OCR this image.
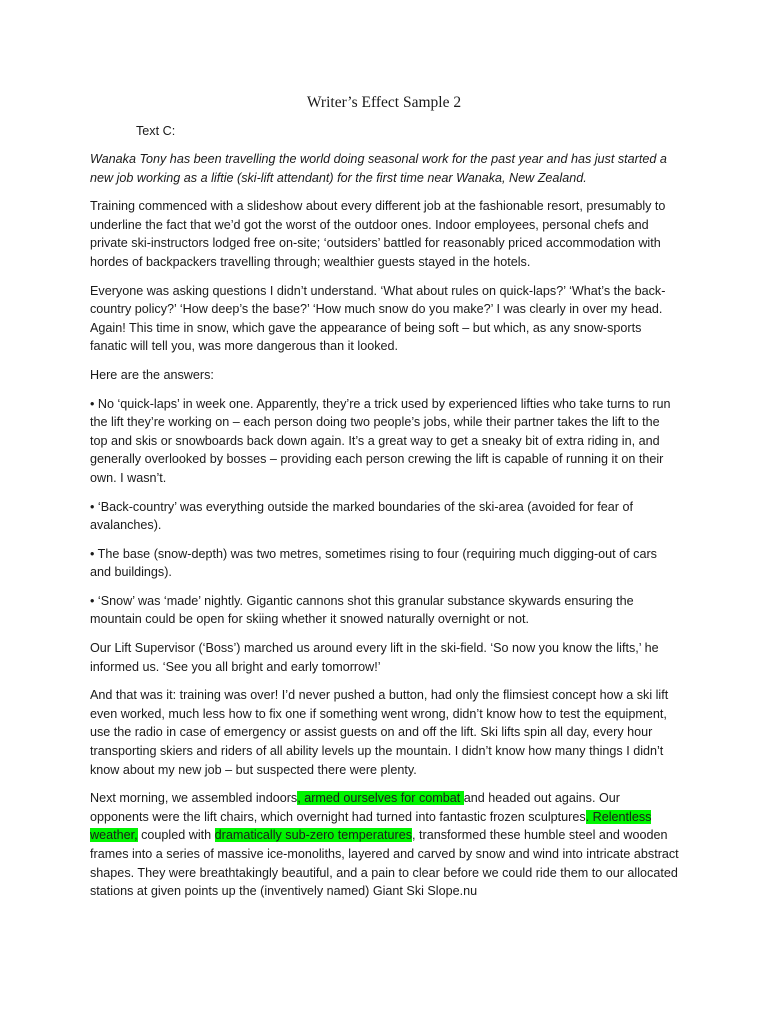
Writer’s Effect Sample 2
Text C:

Wanaka Tony has been travelling the world doing seasonal work for the past year and has just started a new job working as a liftie (ski-lift attendant) for the first time near Wanaka, New Zealand.

Training commenced with a slideshow about every different job at the fashionable resort, presumably to underline the fact that we’d got the worst of the outdoor ones. Indoor employees, personal chefs and private ski-instructors lodged free on-site; ‘outsiders’ battled for reasonably priced accommodation with hordes of backpackers travelling through; wealthier guests stayed in the hotels.

Everyone was asking questions I didn’t understand. ‘What about rules on quick-laps?’ ‘What’s the back-country policy?’ ‘How deep’s the base?’ ‘How much snow do you make?’ I was clearly in over my head. Again! This time in snow, which gave the appearance of being soft – but which, as any snow-sports fanatic will tell you, was more dangerous than it looked.

Here are the answers:

• No ‘quick-laps’ in week one. Apparently, they’re a trick used by experienced lifties who take turns to run the lift they’re working on – each person doing two people’s jobs, while their partner takes the lift to the top and skis or snowboards back down again. It’s a great way to get a sneaky bit of extra riding in, and generally overlooked by bosses – providing each person crewing the lift is capable of running it on their own. I wasn’t.

• ‘Back-country’ was everything outside the marked boundaries of the ski-area (avoided for fear of avalanches).

• The base (snow-depth) was two metres, sometimes rising to four (requiring much digging-out of cars and buildings).

• ‘Snow’ was ‘made’ nightly. Gigantic cannons shot this granular substance skywards ensuring the mountain could be open for skiing whether it snowed naturally overnight or not.

Our Lift Supervisor (‘Boss’) marched us around every lift in the ski-field. ‘So now you know the lifts,’ he informed us. ‘See you all bright and early tomorrow!’

And that was it: training was over! I’d never pushed a button, had only the flimsiest concept how a ski lift even worked, much less how to fix one if something went wrong, didn’t know how to test the equipment, use the radio in case of emergency or assist guests on and off the lift. Ski lifts spin all day, every hour transporting skiers and riders of all ability levels up the mountain. I didn’t know how many things I didn’t know about my new job – but suspected there were plenty.

Next morning, we assembled indoors, armed ourselves for combat and headed out agains. Our opponents were the lift chairs, which overnight had turned into fantastic frozen sculptures. Relentless weather, coupled with dramatically sub-zero temperatures, transformed these humble steel and wooden frames into a series of massive ice-monoliths, layered and carved by snow and wind into intricate abstract shapes. They were breathtakingly beautiful, and a pain to clear before we could ride them to our allocated stations at given points up the (inventively named) Giant Ski Slope.nu
